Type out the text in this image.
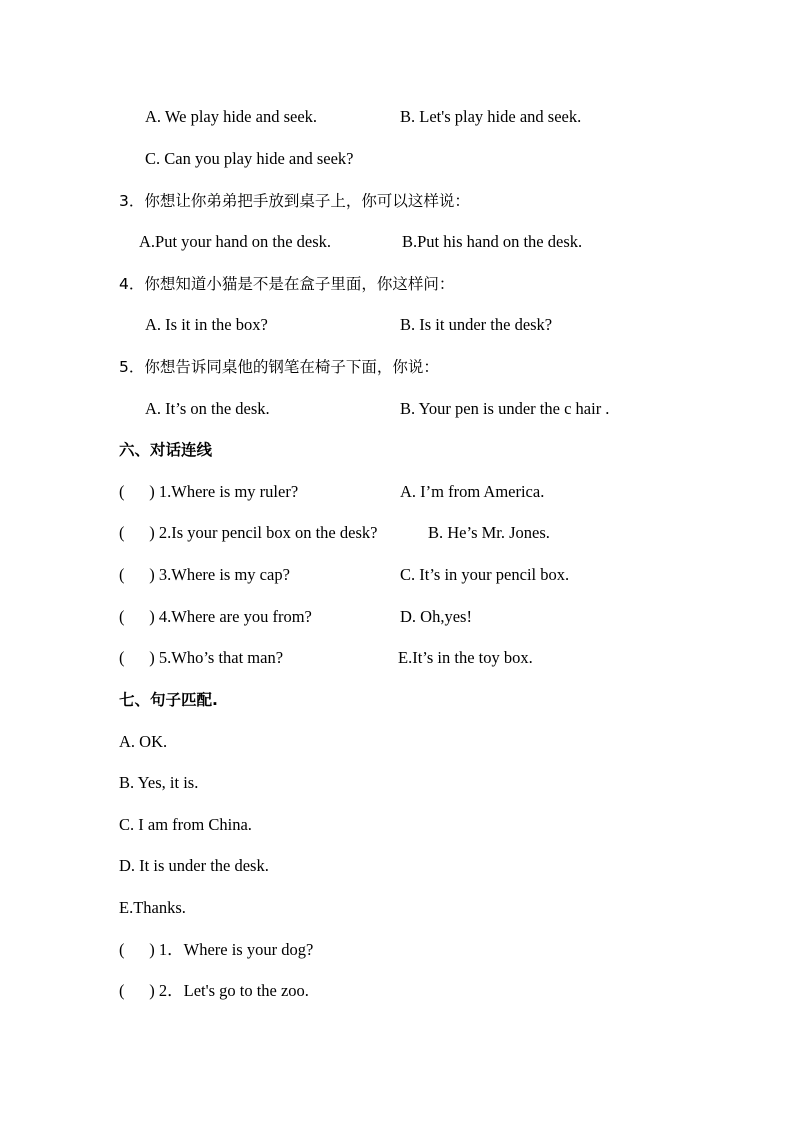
A. We play hide and seek.	B. Let's play hide and seek.
C. Can you play hide and seek?
3．你想让你弟弟把手放到桌子上，你可以这样说：
A.Put your hand on the desk.	B.Put his hand on the desk.
4．你想知道小猫是不是在盒子里面，你这样问：
A. Is it in the box?	B. Is it under the desk?
5．你想告诉同桌他的钢笔在椅子下面，你说：
A. It’s on the desk.	B. Your pen is under the c hair .
六、对话连线
(      ) 1.Where is my ruler?	A. I’m from America.
(      ) 2.Is your pencil box on the desk?	B. He’s Mr. Jones.
(      ) 3.Where is my cap?	C. It’s in your pencil box.
(      ) 4.Where are you from?	D. Oh,yes!
(      ) 5.Who’s that man?	E.It’s in the toy box.
七、句子匹配.
A. OK.
B. Yes, it is.
C. I am from China.
D. It is under the desk.
E.Thanks.
(      ) 1．Where is your dog?
(      ) 2．Let's go to the zoo.
